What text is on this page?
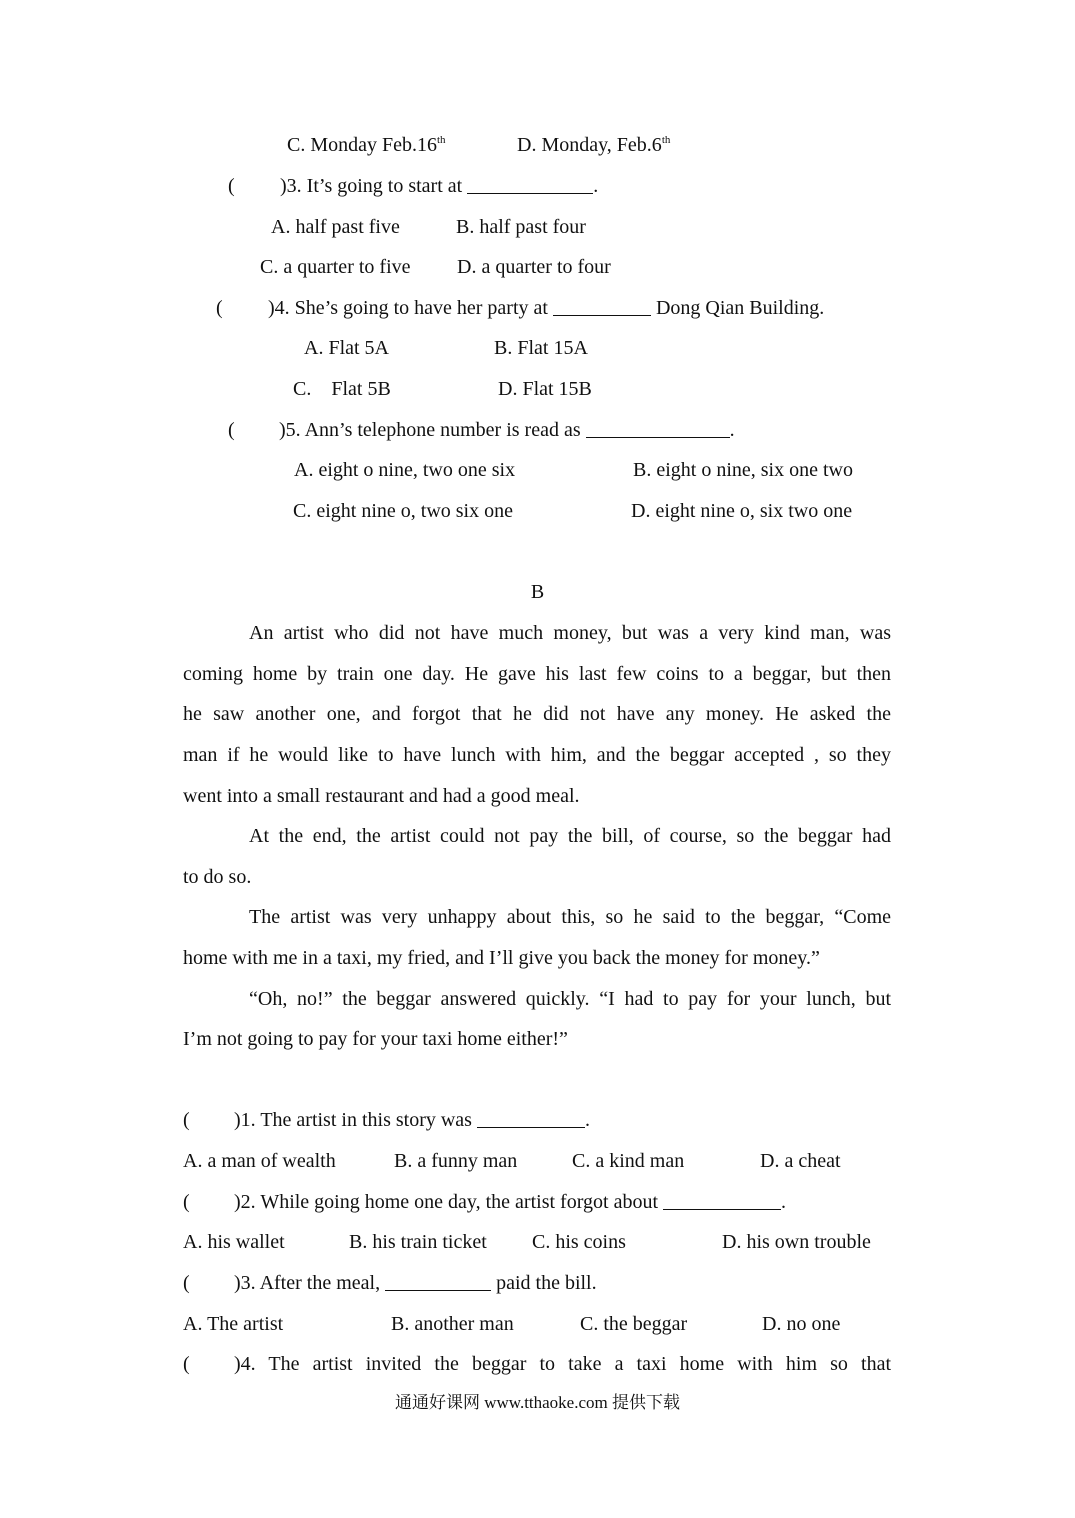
C. Monday Feb.16th	D. Monday, Feb.6th
( )3. It’s going to start at	.
A. half past five	B. half past four
C. a quarter to five D. a quarter to four
( )4. She’s going to have her party at	Dong Qian Building.
A. Flat 5A	B. Flat 15A
C.    Flat 5B	D. Flat 15B
( )5. Ann’s telephone number is read as	.
A. eight o nine, two one six	B. eight o nine, six one two
C. eight nine o, two six one	D. eight nine o, six two one
B
An artist who did not have much money, but was a very kind man, was
coming home by train one day. He gave his last few coins to a beggar, but then
he saw another one, and forgot that he did not have any money. He asked the
man if he would like to have lunch with him, and the beggar accepted , so they
went into a small restaurant and had a good meal.
At the end, the artist could not pay the bill, of course, so the beggar had
to do so.
The artist was very unhappy about this, so he said to the beggar, “Come
home with me in a taxi, my fried, and I’ll give you back the money for money.”
“Oh, no!” the beggar answered quickly. “I had to pay for your lunch, but
I’m not going to pay for your taxi home either!”
( )1. The artist in this story was	.
A. a man of wealth	B. a funny man	C. a kind man	D. a cheat
( )2. While going home one day, the artist forgot about	.
A. his wallet	B. his train ticket C. his coins	D. his own trouble
( )3. After the meal,	paid the bill.
A. The artist	B. another man	C. the beggar	D. no one
( )4. The artist invited the beggar to take a taxi home with him so that
通通好课网 www.tthaoke.com 提供下载
